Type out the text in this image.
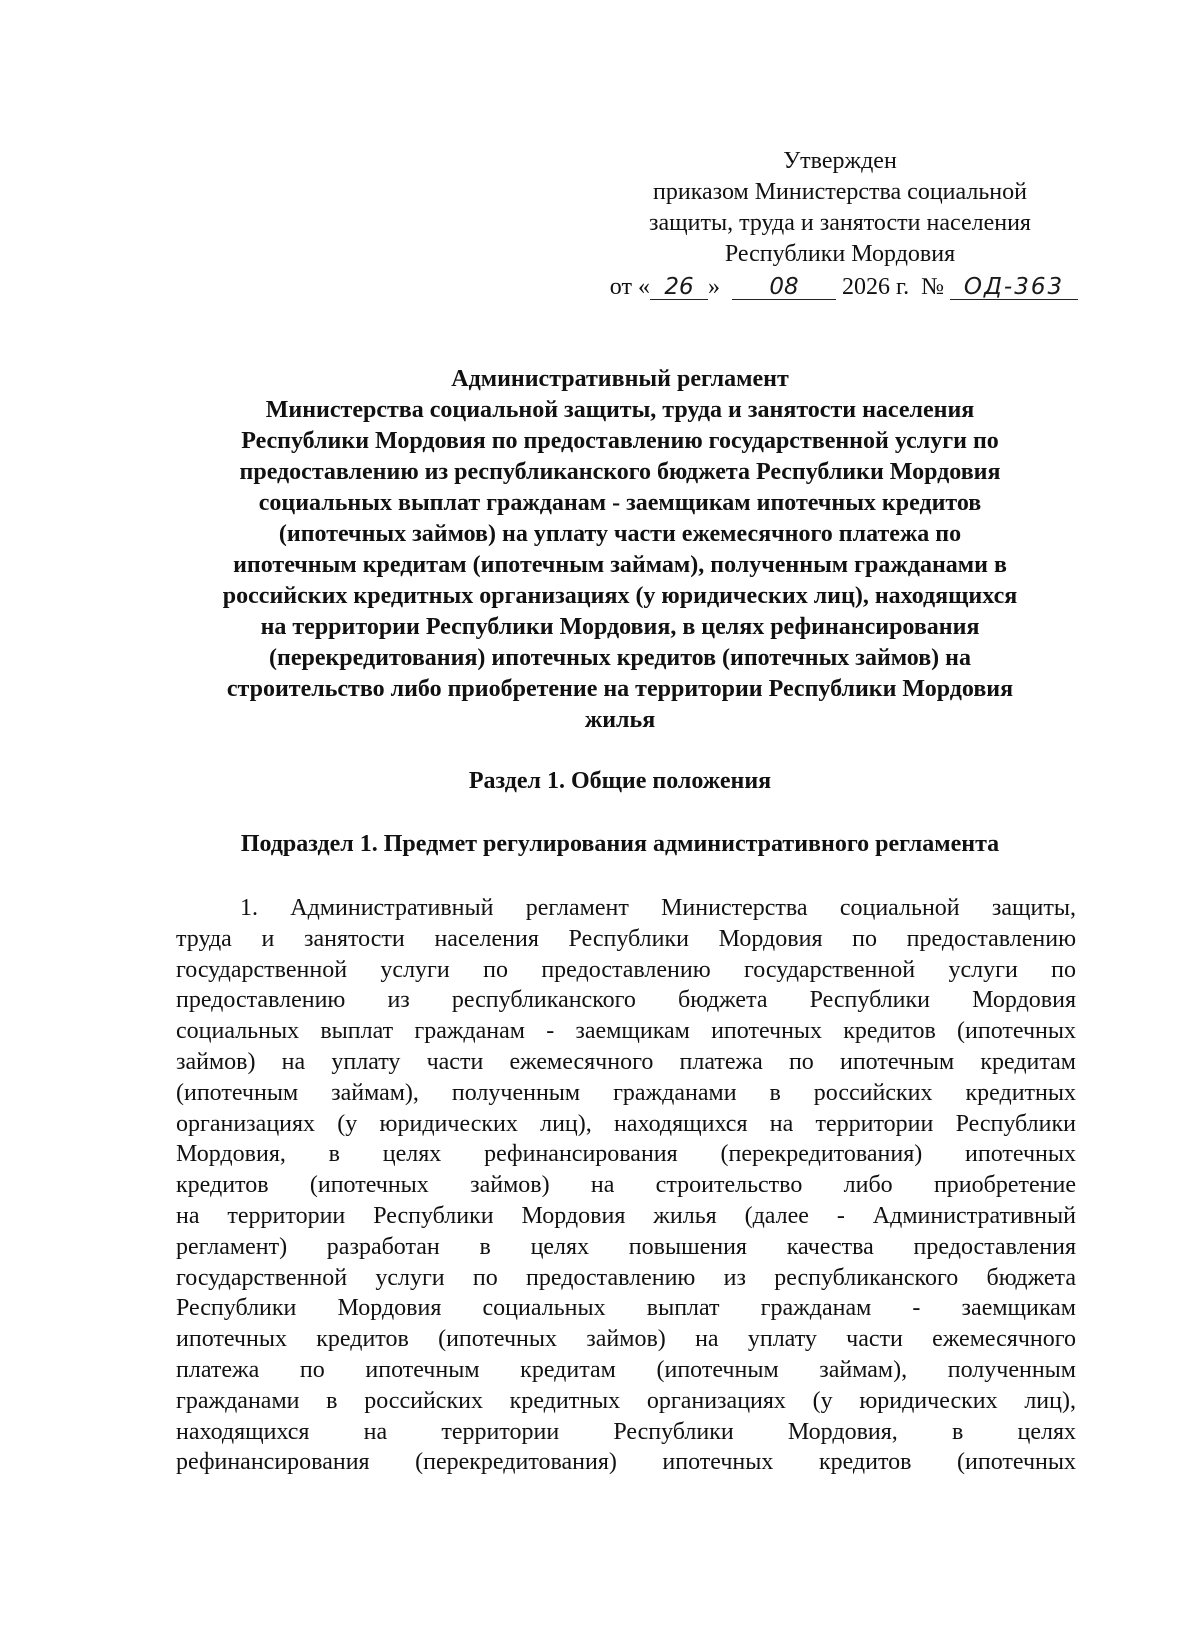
Утвержден
приказом Министерства социальной
защиты, труда и занятости населения
Республики Мордовия
от « 26 » 08 2026 г. № ОД-363
Административный регламент
Министерства социальной защиты, труда и занятости населения
Республики Мордовия по предоставлению государственной услуги по
предоставлению из республиканского бюджета Республики Мордовия
социальных выплат гражданам - заемщикам ипотечных кредитов
(ипотечных займов) на уплату части ежемесячного платежа по
ипотечным кредитам (ипотечным займам), полученным гражданами в
российских кредитных организациях (у юридических лиц), находящихся
на территории Республики Мордовия, в целях рефинансирования
(перекредитования) ипотечных кредитов (ипотечных займов) на
строительство либо приобретение на территории Республики Мордовия
жилья
Раздел 1. Общие положения
Подраздел 1. Предмет регулирования административного регламента
1. Административный регламент Министерства социальной защиты,
труда и занятости населения Республики Мордовия по предоставлению
государственной услуги по предоставлению государственной услуги по
предоставлению из республиканского бюджета Республики Мордовия
социальных выплат гражданам - заемщикам ипотечных кредитов (ипотечных
займов) на уплату части ежемесячного платежа по ипотечным кредитам
(ипотечным займам), полученным гражданами в российских кредитных
организациях (у юридических лиц), находящихся на территории Республики
Мордовия, в целях рефинансирования (перекредитования) ипотечных
кредитов (ипотечных займов) на строительство либо приобретение
на территории Республики Мордовия жилья (далее - Административный
регламент) разработан в целях повышения качества предоставления
государственной услуги по предоставлению из республиканского бюджета
Республики Мордовия социальных выплат гражданам - заемщикам
ипотечных кредитов (ипотечных займов) на уплату части ежемесячного
платежа по ипотечным кредитам (ипотечным займам), полученным
гражданами в российских кредитных организациях (у юридических лиц),
находящихся на территории Республики Мордовия, в целях
рефинансирования (перекредитования) ипотечных кредитов (ипотечных
